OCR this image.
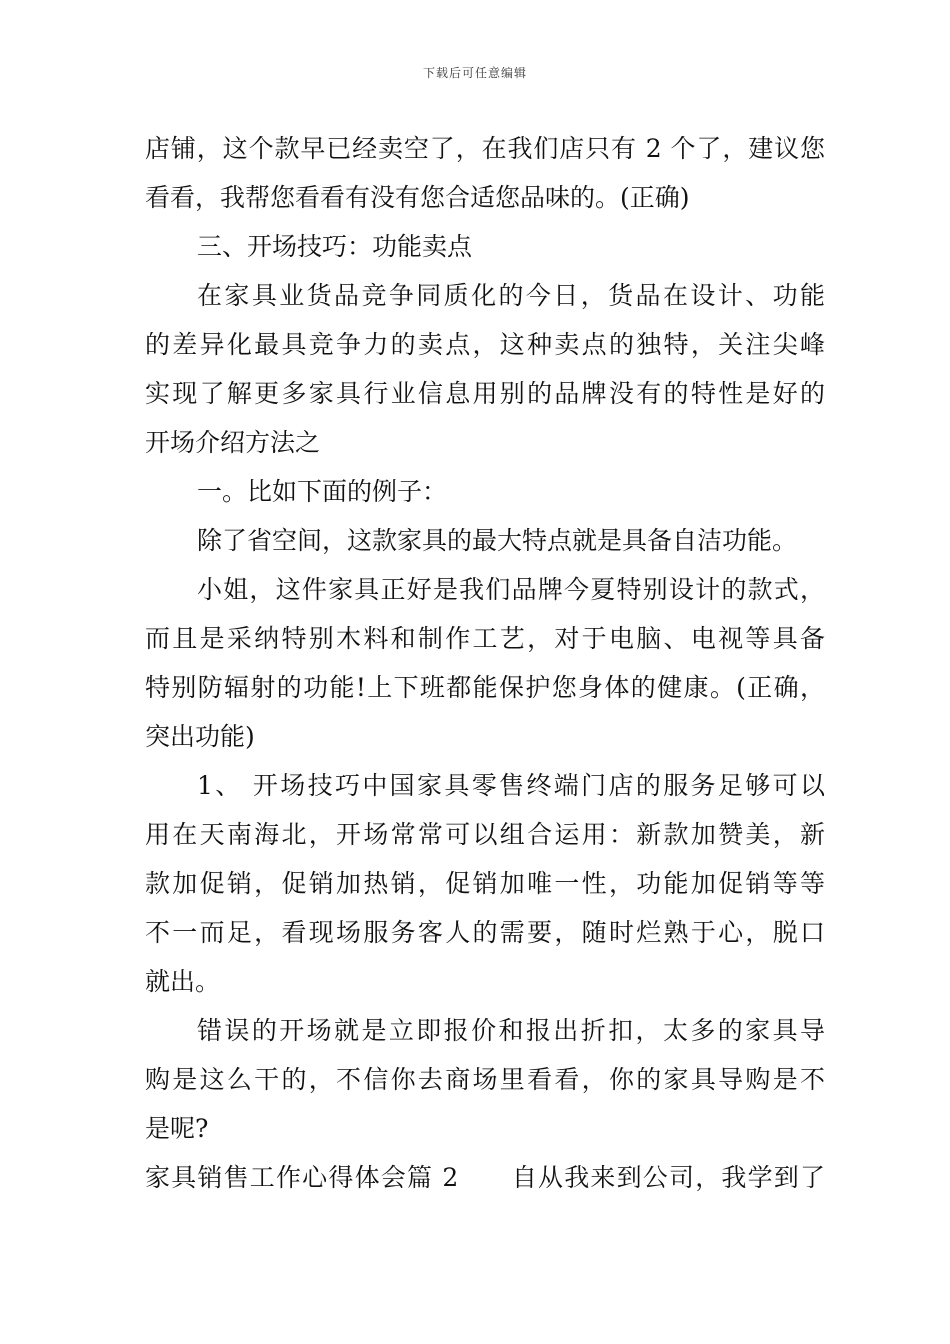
下载后可任意编辑
店铺，这个款早已经卖空了，在我们店只有 2 个了，建议您
看看，我帮您看看有没有您合适您品味的。(正确)
三、开场技巧：功能卖点
在家具业货品竞争同质化的今日，货品在设计、功能
的差异化最具竞争力的卖点，这种卖点的独特，关注尖峰
实现了解更多家具行业信息用别的品牌没有的特性是好的
开场介绍方法之
一。比如下面的例子：
除了省空间，这款家具的最大特点就是具备自洁功能。
小姐，这件家具正好是我们品牌今夏特别设计的款式，
而且是采纳特别木料和制作工艺，对于电脑、电视等具备
特别防辐射的功能!上下班都能保护您身体的健康。(正确，
突出功能)
1、 开场技巧中国家具零售终端门店的服务足够可以
用在天南海北，开场常常可以组合运用：新款加赞美，新
款加促销，促销加热销，促销加唯一性，功能加促销等等
不一而足，看现场服务客人的需要，随时烂熟于心，脱口
就出。
错误的开场就是立即报价和报出折扣，太多的家具导
购是这么干的，不信你去商场里看看，你的家具导购是不
是呢?
家具销售工作心得体会篇 2　　自从我来到公司，我学到了
